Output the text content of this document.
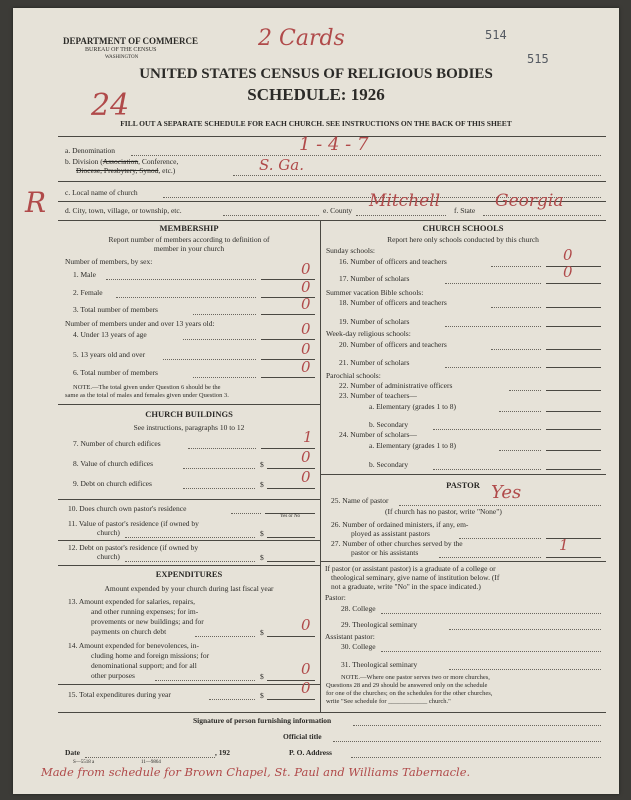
DEPARTMENT OF COMMERCE
BUREAU OF THE CENSUS
WASHINGTON
2 Cards	514
515
UNITED STATES CENSUS OF RELIGIOUS BODIES
SCHEDULE: 1926
24
FILL OUT A SEPARATE SCHEDULE FOR EACH CHURCH. SEE INSTRUCTIONS ON THE BACK OF THIS SHEET
R
a. Denomination	1 - 4 - 7
b. Division (Association, Conference,
Diocese, Presbytery, Synod, etc.)	S. Ga.
c. Local name of church
d. City, town, village, or township, etc.	e. County Mitchell f. State Georgia
MEMBERSHIP
Report number of members according to definition of
member in your church
Number of members, by sex:
1. Male	0
2. Female	0
3. Total number of members	0
Number of members under and over 13 years old:
4. Under 13 years of age	0
5. 13 years old and over	0
6. Total number of members	0
NOTE.—The total given under Question 6 should be the
same as the total of males and females given under Question 3.
CHURCH BUILDINGS
See instructions, paragraphs 10 to 12
7. Number of church edifices	1
8. Value of church edifices	$ 0
9. Debt on church edifices	$ 0
10. Does church own pastor's residence
Yes or No
11. Value of pastor's residence (if owned by
church)	$
12. Debt on pastor's residence (if owned by
church)	$
EXPENDITURES
Amount expended by your church during last fiscal year
13. Amount expended for salaries, repairs,
and other running expenses; for im-
provements or new buildings; and for
payments on church debt	$ 0
14. Amount expended for benevolences, in-
cluding home and foreign missions; for
denominational support; and for all
other purposes	$ 0
15. Total expenditures during year	$ 0
CHURCH SCHOOLS
Report here only schools conducted by this church
Sunday schools:
16. Number of officers and teachers	0
17. Number of scholars	0
Summer vacation Bible schools:
18. Number of officers and teachers
19. Number of scholars
Week-day religious schools:
20. Number of officers and teachers
21. Number of scholars
Parochial schools:
22. Number of administrative officers
23. Number of teachers—
a. Elementary (grades 1 to 8)
b. Secondary
24. Number of scholars—
a. Elementary (grades 1 to 8)
b. Secondary
PASTOR
25. Name of pastor	Yes
(If church has no pastor, write "None")
26. Number of ordained ministers, if any, em-
ployed as assistant pastors
27. Number of other churches served by the
pastor or his assistants	1
If pastor (or assistant pastor) is a graduate of a college or
theological seminary, give name of institution below. (If
not a graduate, write "No" in the space indicated.)
Pastor:
28. College
29. Theological seminary
Assistant pastor:
30. College
31. Theological seminary
NOTE.—Where one pastor serves two or more churches,
Questions 28 and 29 should be answered only on the schedule
for one of the churches; on the schedules for the other churches,
write "See schedule for ____________ church."
Signature of person furnishing information
Official title
Date	, 192	P. O. Address
S—5518 a	11—9864
Made from schedule for Brown Chapel, St. Paul and Williams Tabernacle.
